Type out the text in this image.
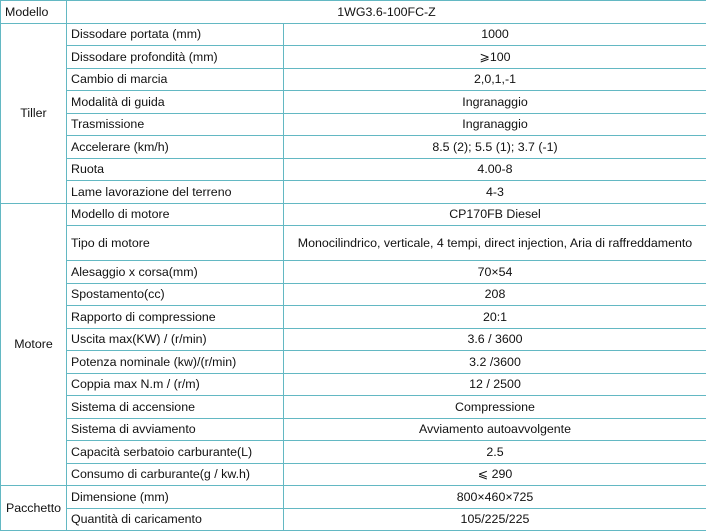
Modello	1WG3.6-100FC-Z	
Tiller	Dissodare portata (mm)	1000
	Dissodare profondità (mm)	⩾100
	Cambio di marcia	2,0,1,-1
	Modalità di guida	Ingranaggio
	Trasmissione	Ingranaggio
	Accelerare (km/h)	8.5 (2); 5.5 (1); 3.7 (-1)
	Ruota	4.00-8
	Lame lavorazione del terreno	4-3
Motore	Modello di motore	CP170FB Diesel
	Tipo di motore	Monocilindrico, verticale, 4 tempi, direct injection, Aria di raffreddamento
	Alesaggio x corsa(mm)	70×54
	Spostamento(cc)	208
	Rapporto di compressione	20:1
	Uscita max(KW) / (r/min)	3.6 / 3600
	Potenza nominale (kw)/(r/min)	3.2 /3600
	Coppia max N.m / (r/m)	12 / 2500
	Sistema di accensione	Compressione
	Sistema di avviamento	Avviamento autoavvolgente
	Capacità serbatoio carburante(L)	2.5
	Consumo di carburante(g / kw.h)	⩽ 290
Pacchetto	Dimensione (mm)	800×460×725
	Quantità di caricamento	105/225/225
